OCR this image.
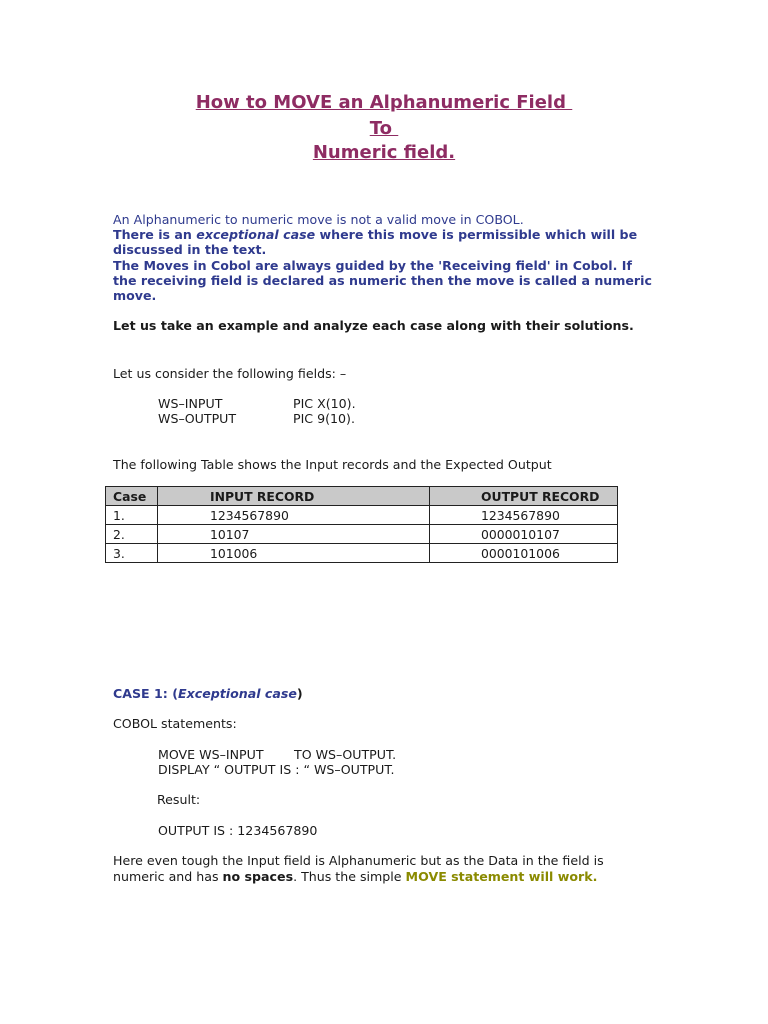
How to MOVE an Alphanumeric Field
To
Numeric field.

An Alphanumeric to numeric move is not a valid move in COBOL.

There is an exceptional case where this move is permissible which will be discussed in the text.

The Moves in Cobol are always guided by the 'Receiving field' in Cobol. If the receiving field is declared as numeric then the move is called a numeric move.

Let us take an example and analyze each case along with their solutions.

Let us consider the following fields: –
WS–INPUT	PIC X(10).
WS–OUTPUT	PIC 9(10).
The following Table shows the Input records and the Expected Output
Case	INPUT RECORD	OUTPUT RECORD
1.	1234567890	1234567890
2.	10107	0000010107
3.	101006	0000101006
CASE 1: (Exceptional case)
COBOL statements:
MOVE WS–INPUT TO WS–OUTPUT.
DISPLAY “ OUTPUT IS : “ WS–OUTPUT.
Result:
OUTPUT IS : 1234567890
Here even tough the Input field is Alphanumeric but as the Data in the field is numeric and has no spaces. Thus the simple MOVE statement will work.
